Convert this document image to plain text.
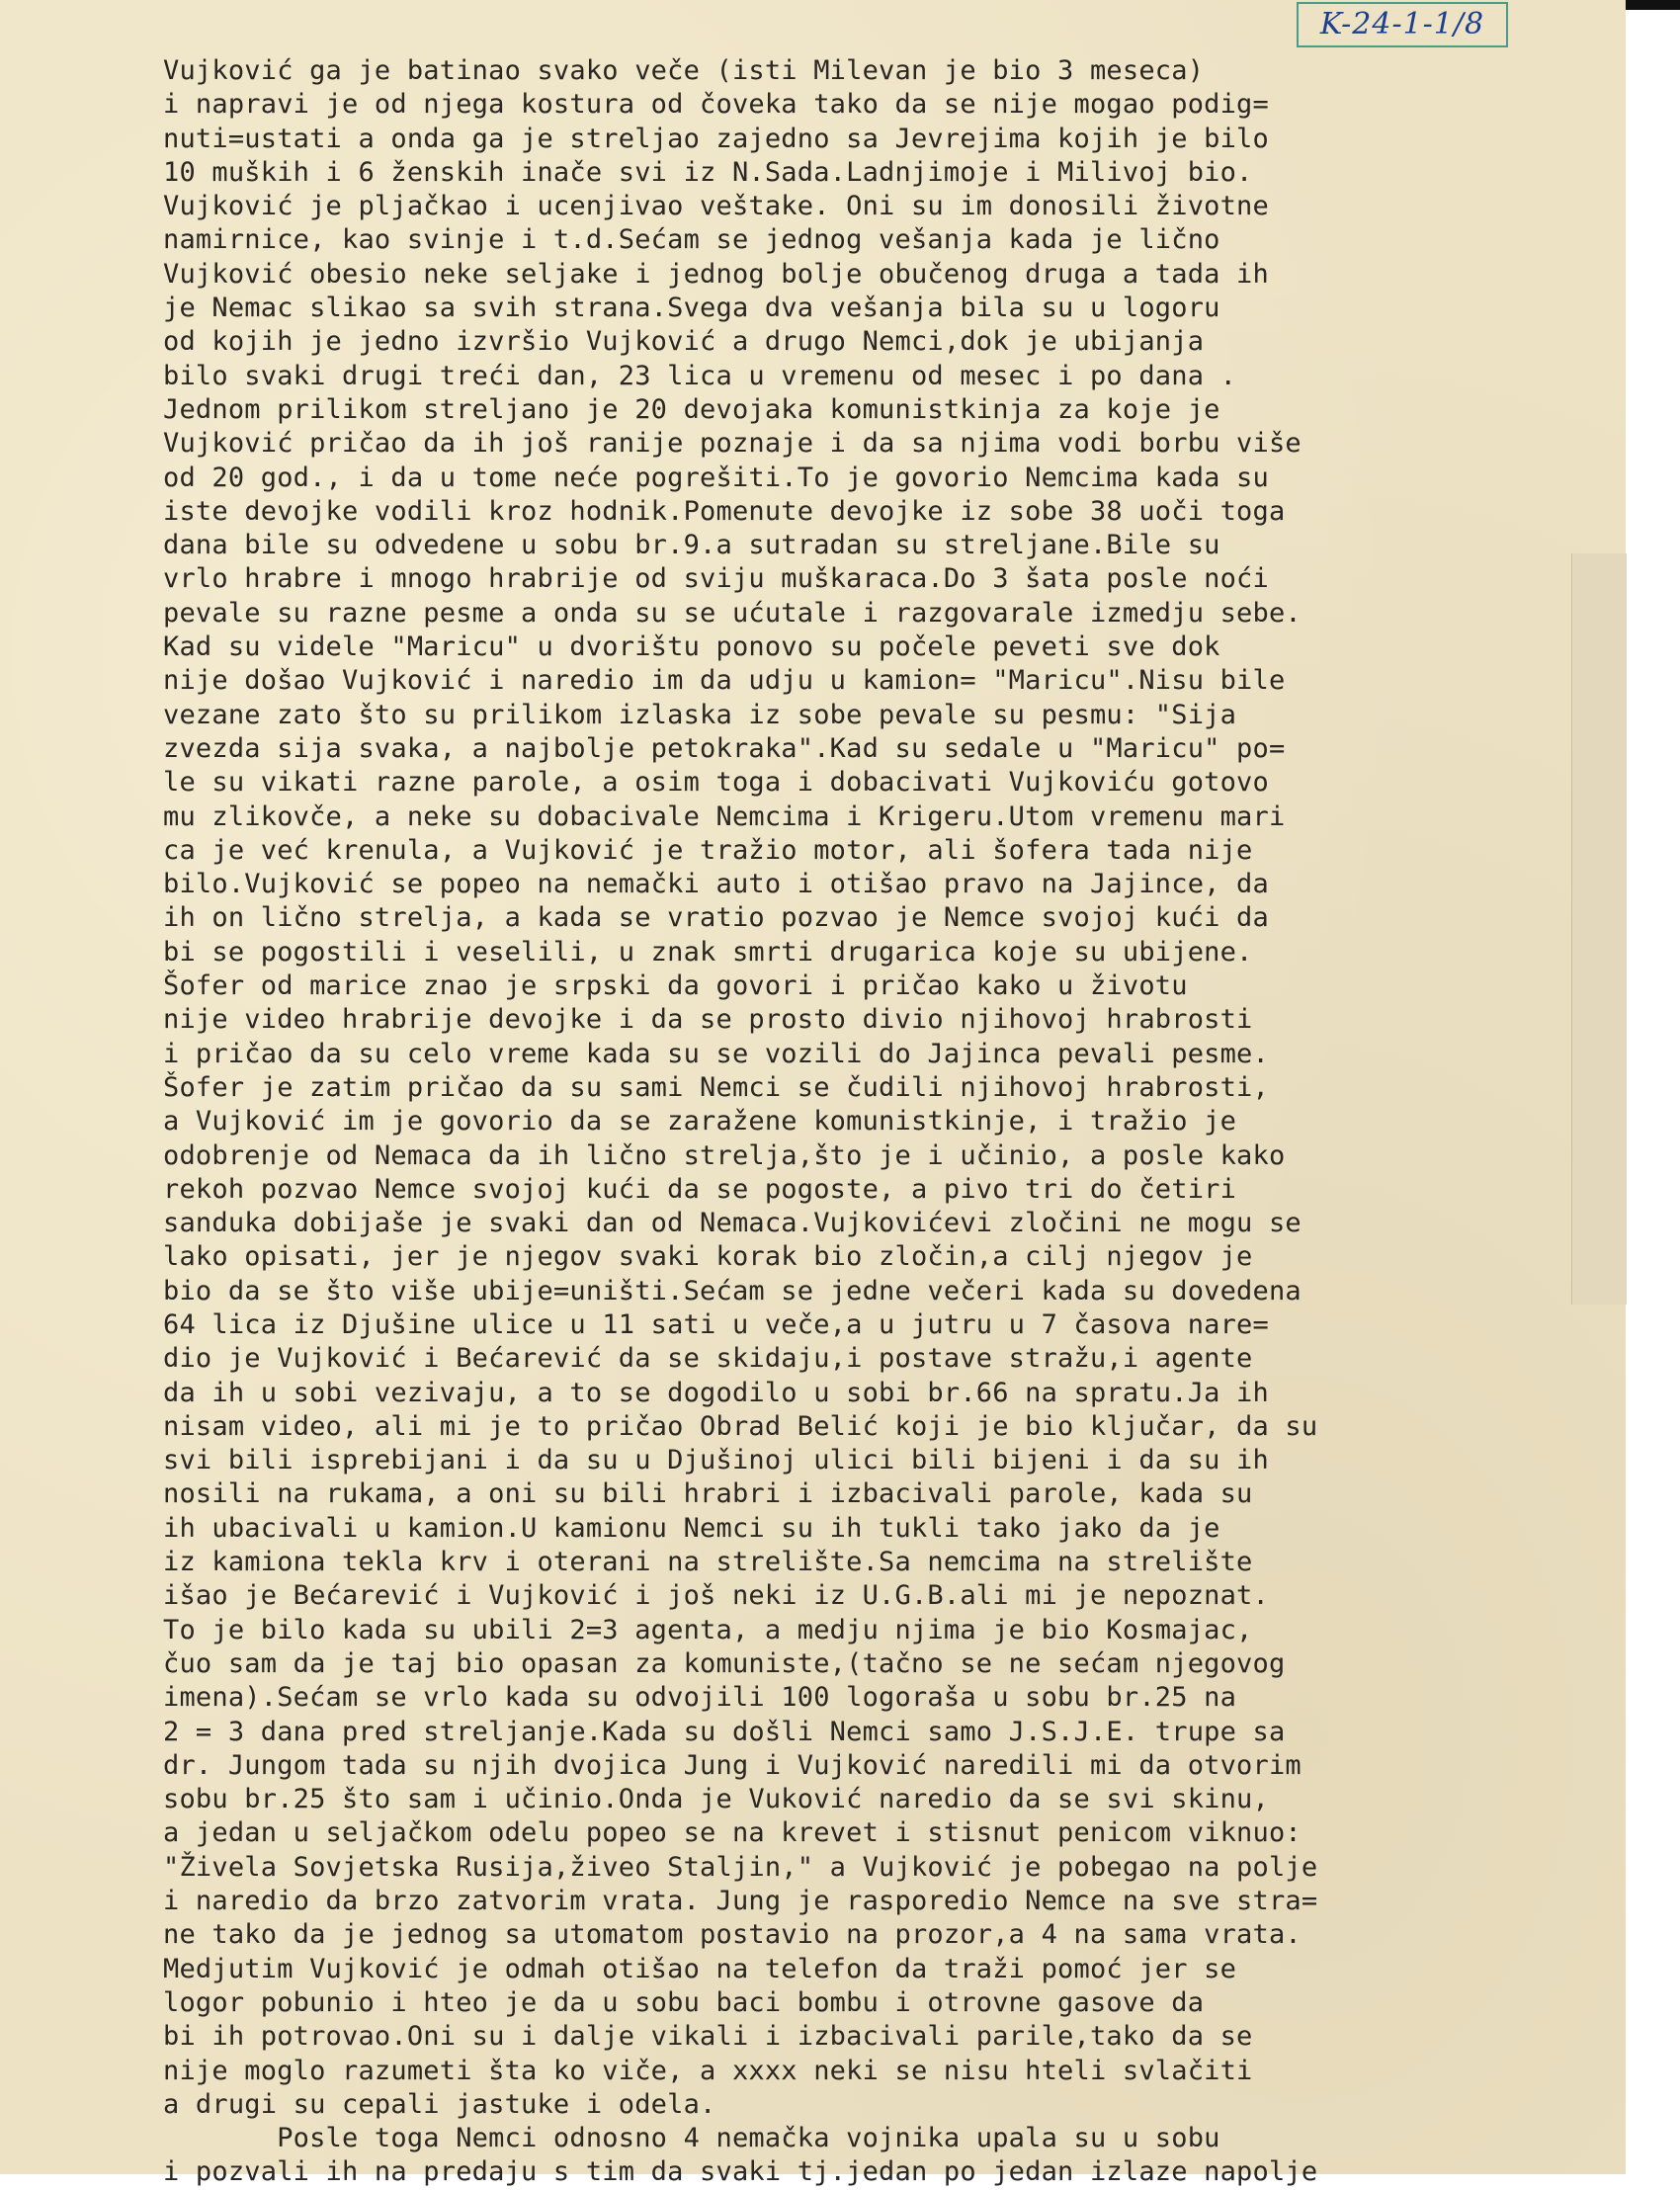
K-24-1-1/8
Vujković ga je batinao svako veče (isti Milevan je bio 3 meseca)
i napravi je od njega kostura od čoveka tako da se nije mogao podig=
nuti=ustati a onda ga je streljao zajedno sa Jevrejima kojih je bilo
10 muških i 6 ženskih inače svi iz N.Sada.Ladnjimoje i Milivoj bio.
Vujković je pljačkao i ucenjivao veštake. Oni su im donosili životne
namirnice, kao svinje i t.d.Sećam se jednog vešanja kada je lično
Vujković obesio neke seljake i jednog bolje obučenog druga a tada ih
je Nemac slikao sa svih strana.Svega dva vešanja bila su u logoru
od kojih je jedno izvršio Vujković a drugo Nemci,dok je ubijanja
bilo svaki drugi treći dan, 23 lica u vremenu od mesec i po dana .
Jednom prilikom streljano je 20 devojaka komunistkinja za koje je
Vujković pričao da ih još ranije poznaje i da sa njima vodi borbu više
od 20 god., i da u tome neće pogrešiti.To je govorio Nemcima kada su
iste devojke vodili kroz hodnik.Pomenute devojke iz sobe 38 uoči toga
dana bile su odvedene u sobu br.9.a sutradan su streljane.Bile su
vrlo hrabre i mnogo hrabrije od sviju muškaraca.Do 3 šata posle noći
pevale su razne pesme a onda su se ućutale i razgovarale izmedju sebe.
Kad su videle "Maricu" u dvorištu ponovo su počele peveti sve dok
nije došao Vujković i naredio im da udju u kamion= "Maricu".Nisu bile
vezane zato što su prilikom izlaska iz sobe pevale su pesmu: "Sija
zvezda sija svaka, a najbolje petokraka".Kad su sedale u "Maricu" po=
le su vikati razne parole, a osim toga i dobacivati Vujkoviću gotovo
mu zlikovče, a neke su dobacivale Nemcima i Krigeru.Utom vremenu mari
ca je već krenula, a Vujković je tražio motor, ali šofera tada nije
bilo.Vujković se popeo na nemački auto i otišao pravo na Jajince, da
ih on lično strelja, a kada se vratio pozvao je Nemce svojoj kući da
bi se pogostili i veselili, u znak smrti drugarica koje su ubijene.
Šofer od marice znao je srpski da govori i pričao kako u životu
nije video hrabrije devojke i da se prosto divio njihovoj hrabrosti
i pričao da su celo vreme kada su se vozili do Jajinca pevali pesme.
Šofer je zatim pričao da su sami Nemci se čudili njihovoj hrabrosti,
a Vujković im je govorio da se zaražene komunistkinje, i tražio je
odobrenje od Nemaca da ih lično strelja,što je i učinio, a posle kako
rekoh pozvao Nemce svojoj kući da se pogoste, a pivo tri do četiri
sanduka dobijaše je svaki dan od Nemaca.Vujkovićevi zločini ne mogu se
lako opisati, jer je njegov svaki korak bio zločin,a cilj njegov je
bio da se što više ubije=uništi.Sećam se jedne večeri kada su dovedena
64 lica iz Djušine ulice u 11 sati u veče,a u jutru u 7 časova nare=
dio je Vujković i Bećarević da se skidaju,i postave stražu,i agente
da ih u sobi vezivaju, a to se dogodilo u sobi br.66 na spratu.Ja ih
nisam video, ali mi je to pričao Obrad Belić koji je bio ključar, da su
svi bili isprebijani i da su u Djušinoj ulici bili bijeni i da su ih
nosili na rukama, a oni su bili hrabri i izbacivali parole, kada su
ih ubacivali u kamion.U kamionu Nemci su ih tukli tako jako da je
iz kamiona tekla krv i oterani na strelište.Sa nemcima na strelište
išao je Bećarević i Vujković i još neki iz U.G.B.ali mi je nepoznat.
To je bilo kada su ubili 2=3 agenta, a medju njima je bio Kosmajac,
čuo sam da je taj bio opasan za komuniste,(tačno se ne sećam njegovog
imena).Sećam se vrlo kada su odvojili 100 logoraša u sobu br.25 na
2 = 3 dana pred streljanje.Kada su došli Nemci samo J.S.J.E. trupe sa
dr. Jungom tada su njih dvojica Jung i Vujković naredili mi da otvorim
sobu br.25 što sam i učinio.Onda je Vuković naredio da se svi skinu,
a jedan u seljačkom odelu popeo se na krevet i stisnut penicom viknuo:
"Živela Sovjetska Rusija,živeo Staljin," a Vujković je pobegao na polje
i naredio da brzo zatvorim vrata. Jung je rasporedio Nemce na sve stra=
ne tako da je jednog sa utomatom postavio na prozor,a 4 na sama vrata.
Medjutim Vujković je odmah otišao na telefon da traži pomoć jer se
logor pobunio i hteo je da u sobu baci bombu i otrovne gasove da
bi ih potrovao.Oni su i dalje vikali i izbacivali parile,tako da se
nije moglo razumeti šta ko viče, a xxxx neki se nisu hteli svlačiti
a drugi su cepali jastuke i odela.
Posle toga Nemci odnosno 4 nemačka vojnika upala su u sobu
i pozvali ih na predaju s tim da svaki tj.jedan po jedan izlaze napolje
